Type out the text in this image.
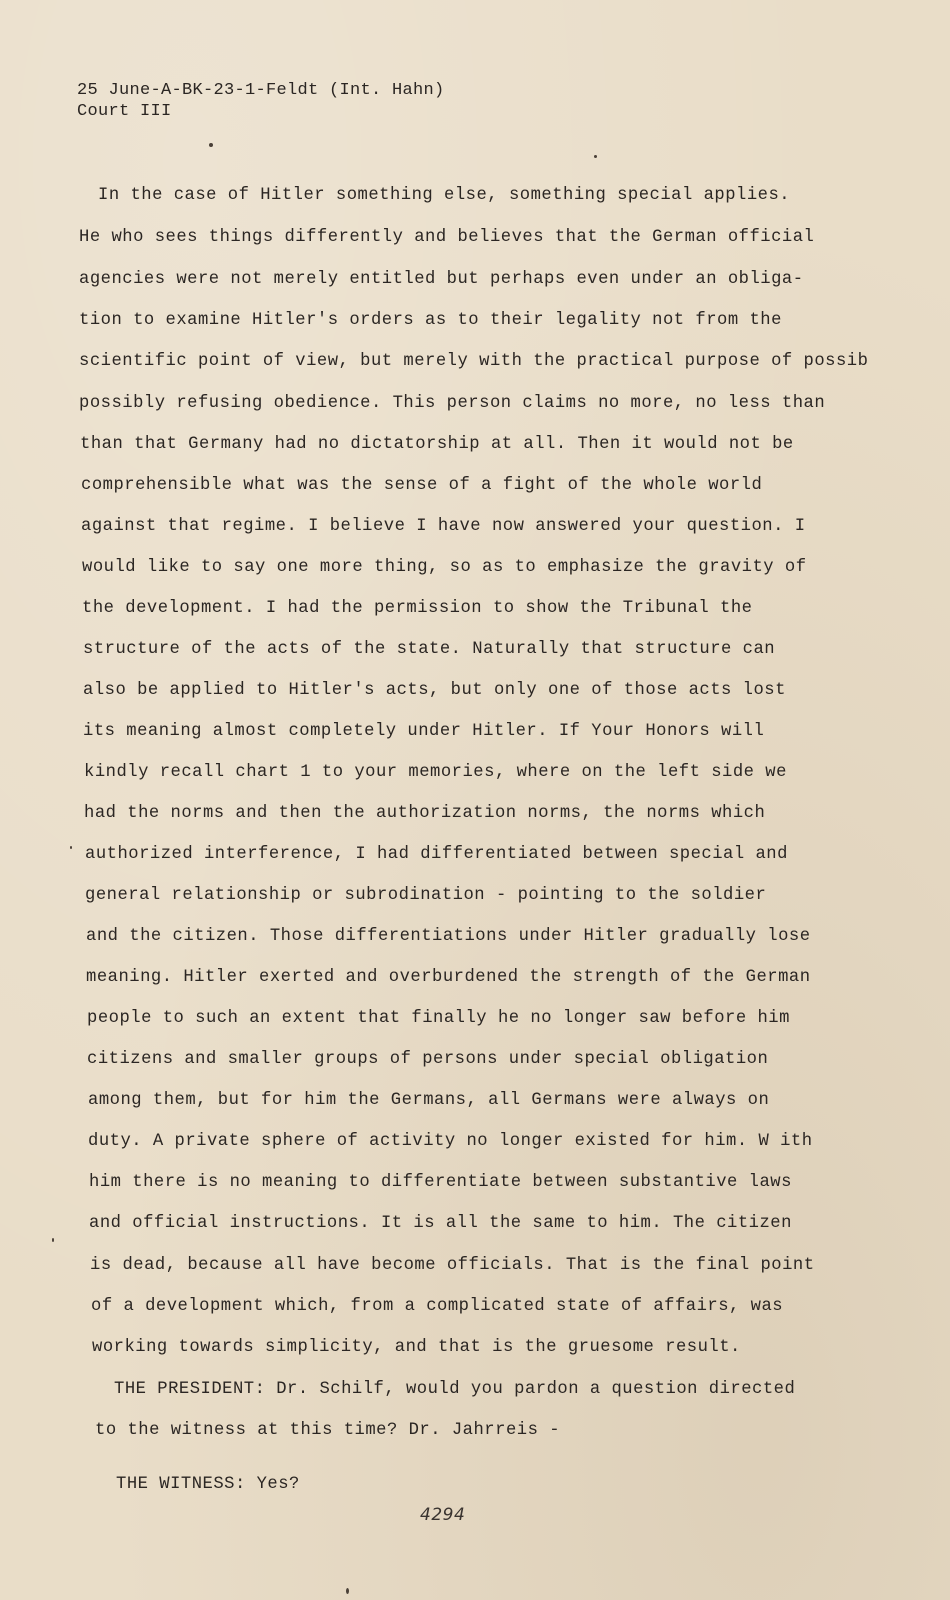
25 June-A-BK-23-1-Feldt (Int. Hahn)
Court III
In the case of Hitler something else, something special applies.
He who sees things differently and believes that the German official
agencies were not merely entitled but perhaps even under an obliga-
tion to examine Hitler's orders as to their legality not from the
scientific point of view, but merely with the practical purpose of possib
possibly refusing obedience. This person claims no more, no less than
than that Germany had no dictatorship at all. Then it would not be
comprehensible what was the sense of a fight of the whole world
against that regime. I believe I have now answered your question. I
would like to say one more thing, so as to emphasize the gravity of
the development. I had the permission to show the Tribunal the
structure of the acts of the state. Naturally that structure can
also be applied to Hitler's acts, but only one of those acts lost
its meaning almost completely under Hitler. If Your Honors will
kindly recall chart 1 to your memories, where on the left side we
had the norms and then the authorization norms, the norms which
authorized interference, I had differentiated between special and
general relationship or subrodination - pointing to the soldier
and the citizen. Those differentiations under Hitler gradually lose
meaning. Hitler exerted and overburdened the strength of the German
people to such an extent that finally he no longer saw before him
citizens and smaller groups of persons under special obligation
among them, but for him the Germans, all Germans were always on
duty. A private sphere of activity no longer existed for him. W ith
him there is no meaning to differentiate between substantive laws
and official instructions. It is all the same to him. The citizen
is dead, because all have become officials. That is the final point
of a development which, from a complicated state of affairs, was
working towards simplicity, and that is the gruesome result.
THE PRESIDENT: Dr. Schilf, would you pardon a question directed
to the witness at this time? Dr. Jahrreis -
THE WITNESS: Yes?
4294
